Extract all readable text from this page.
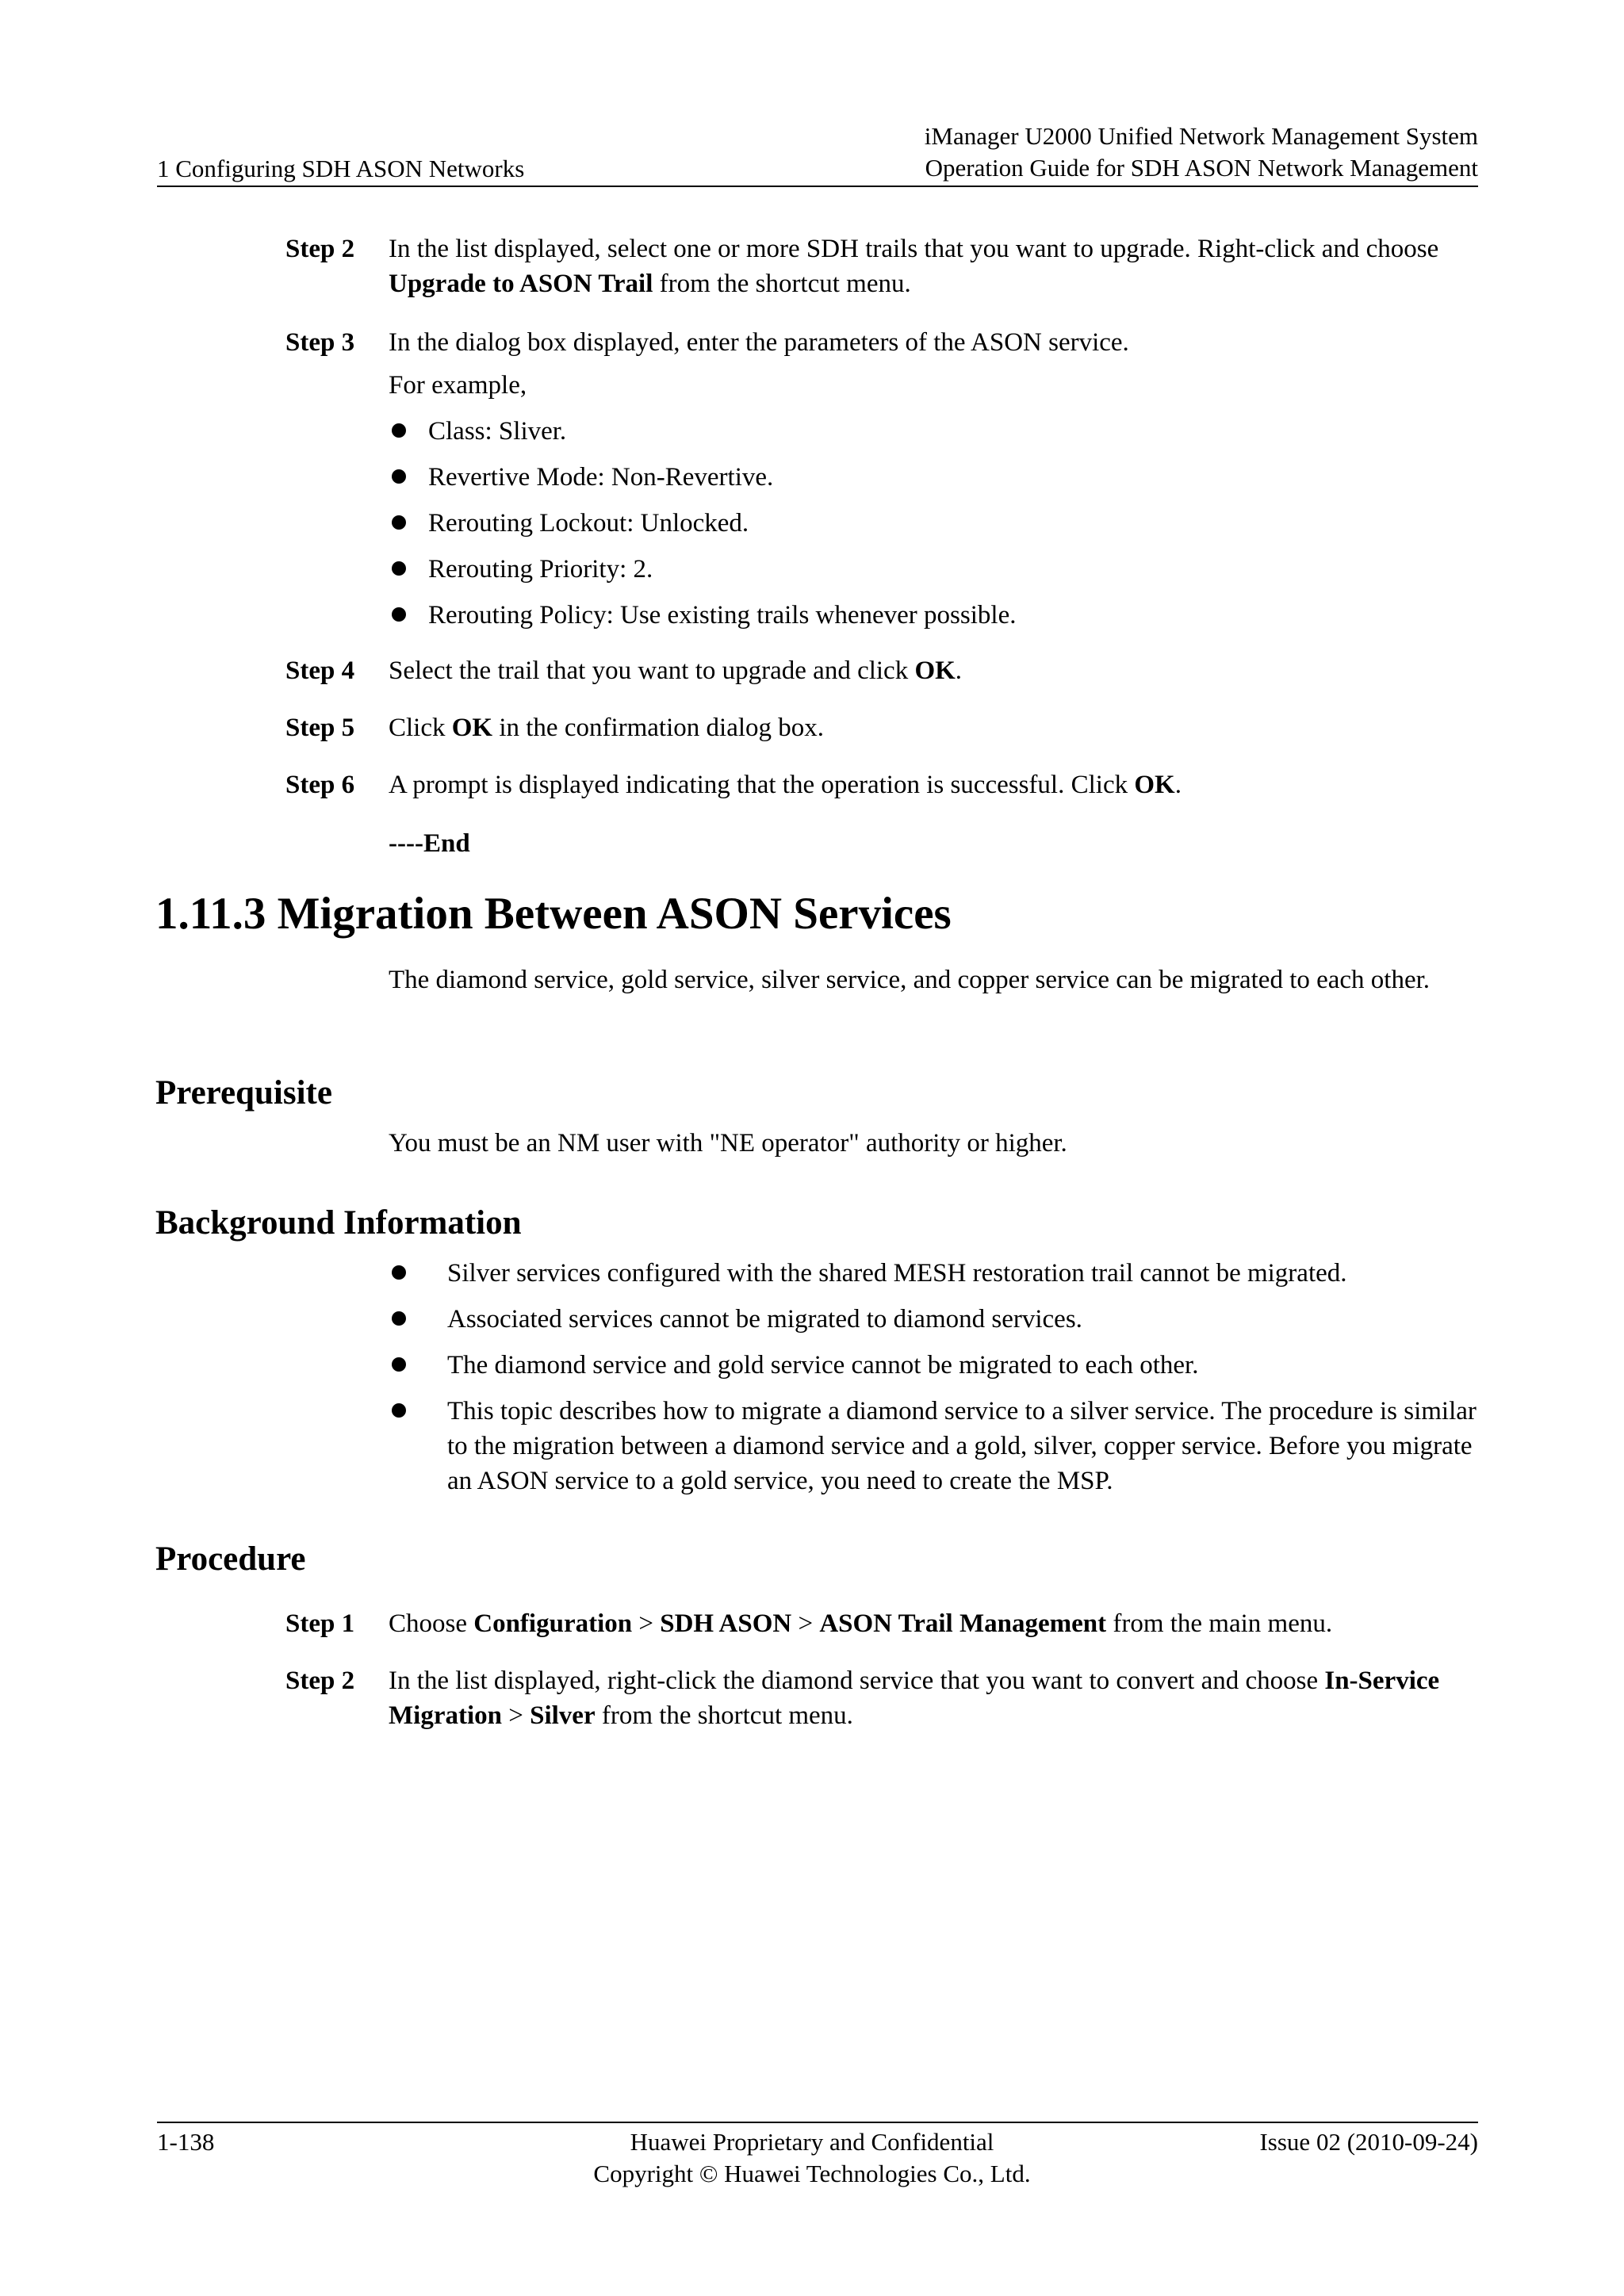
1 Configuring SDH ASON Networks
iManager U2000 Unified Network Management System
Operation Guide for SDH ASON Network Management
Step 2	In the list displayed, select one or more SDH trails that you want to upgrade. Right-click and choose Upgrade to ASON Trail from the shortcut menu.
Step 3	In the dialog box displayed, enter the parameters of the ASON service.
For example,
Class: Sliver.
Revertive Mode: Non-Revertive.
Rerouting Lockout: Unlocked.
Rerouting Priority: 2.
Rerouting Policy: Use existing trails whenever possible.
Step 4	Select the trail that you want to upgrade and click OK.
Step 5	Click OK in the confirmation dialog box.
Step 6	A prompt is displayed indicating that the operation is successful. Click OK.
----End
1.11.3 Migration Between ASON Services
The diamond service, gold service, silver service, and copper service can be migrated to each other.
Prerequisite
You must be an NM user with "NE operator" authority or higher.
Background Information
Silver services configured with the shared MESH restoration trail cannot be migrated.
Associated services cannot be migrated to diamond services.
The diamond service and gold service cannot be migrated to each other.
This topic describes how to migrate a diamond service to a silver service. The procedure is similar to the migration between a diamond service and a gold, silver, copper service. Before you migrate an ASON service to a gold service, you need to create the MSP.
Procedure
Step 1	Choose Configuration > SDH ASON > ASON Trail Management from the main menu.
Step 2	In the list displayed, right-click the diamond service that you want to convert and choose In-Service Migration > Silver from the shortcut menu.
1-138	Huawei Proprietary and Confidential
Copyright © Huawei Technologies Co., Ltd.
Issue 02 (2010-09-24)
